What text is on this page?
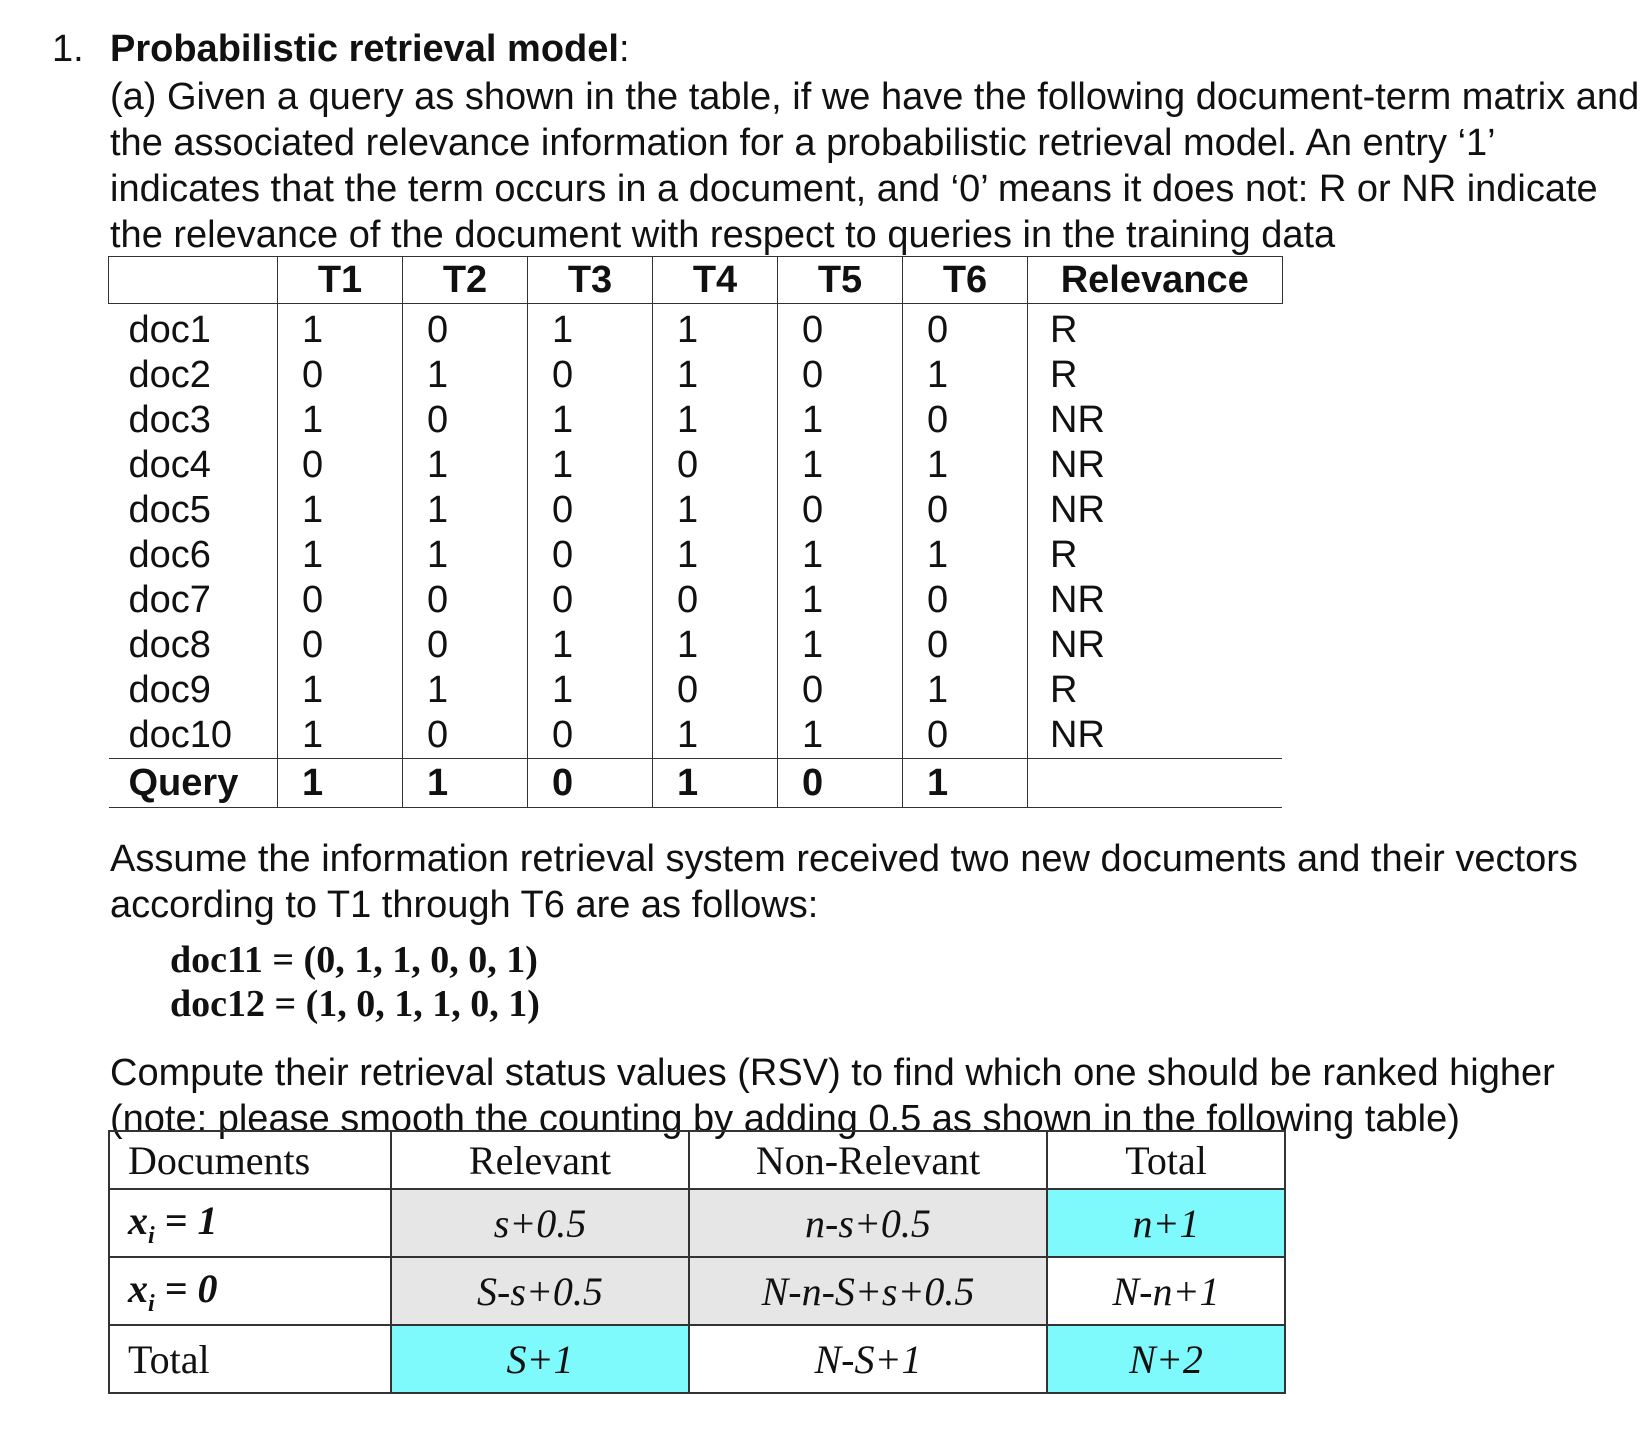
1. Probabilistic retrieval model:
(a) Given a query as shown in the table, if we have the following document-term matrix and the associated relevance information for a probabilistic retrieval model. An entry ‘1’ indicates that the term occurs in a document, and ‘0’ means it does not: R or NR indicate the relevance of the document with respect to queries in the training data
	T1	T2	T3	T4	T5	T6	Relevance
doc1	1	0	1	1	0	0	R
doc2	0	1	0	1	0	1	R
doc3	1	0	1	1	1	0	NR
doc4	0	1	1	0	1	1	NR
doc5	1	1	0	1	0	0	NR
doc6	1	1	0	1	1	1	R
doc7	0	0	0	0	1	0	NR
doc8	0	0	1	1	1	0	NR
doc9	1	1	1	0	0	1	R
doc10	1	0	0	1	1	0	NR
Query	1	1	0	1	0	1	
Assume the information retrieval system received two new documents and their vectors according to T1 through T6 are as follows:
doc11 = (0, 1, 1, 0, 0, 1)
doc12 = (1, 0, 1, 1, 0, 1)
Compute their retrieval status values (RSV) to find which one should be ranked higher (note: please smooth the counting by adding 0.5 as shown in the following table)
Documents	Relevant	Non-Relevant	Total
$x_i = 1$	s+0.5	n-s+0.5	n+1
$x_i = 0$	S-s+0.5	N-n-S+s+0.5	N-n+1
Total	S+1	N-S+1	N+2
